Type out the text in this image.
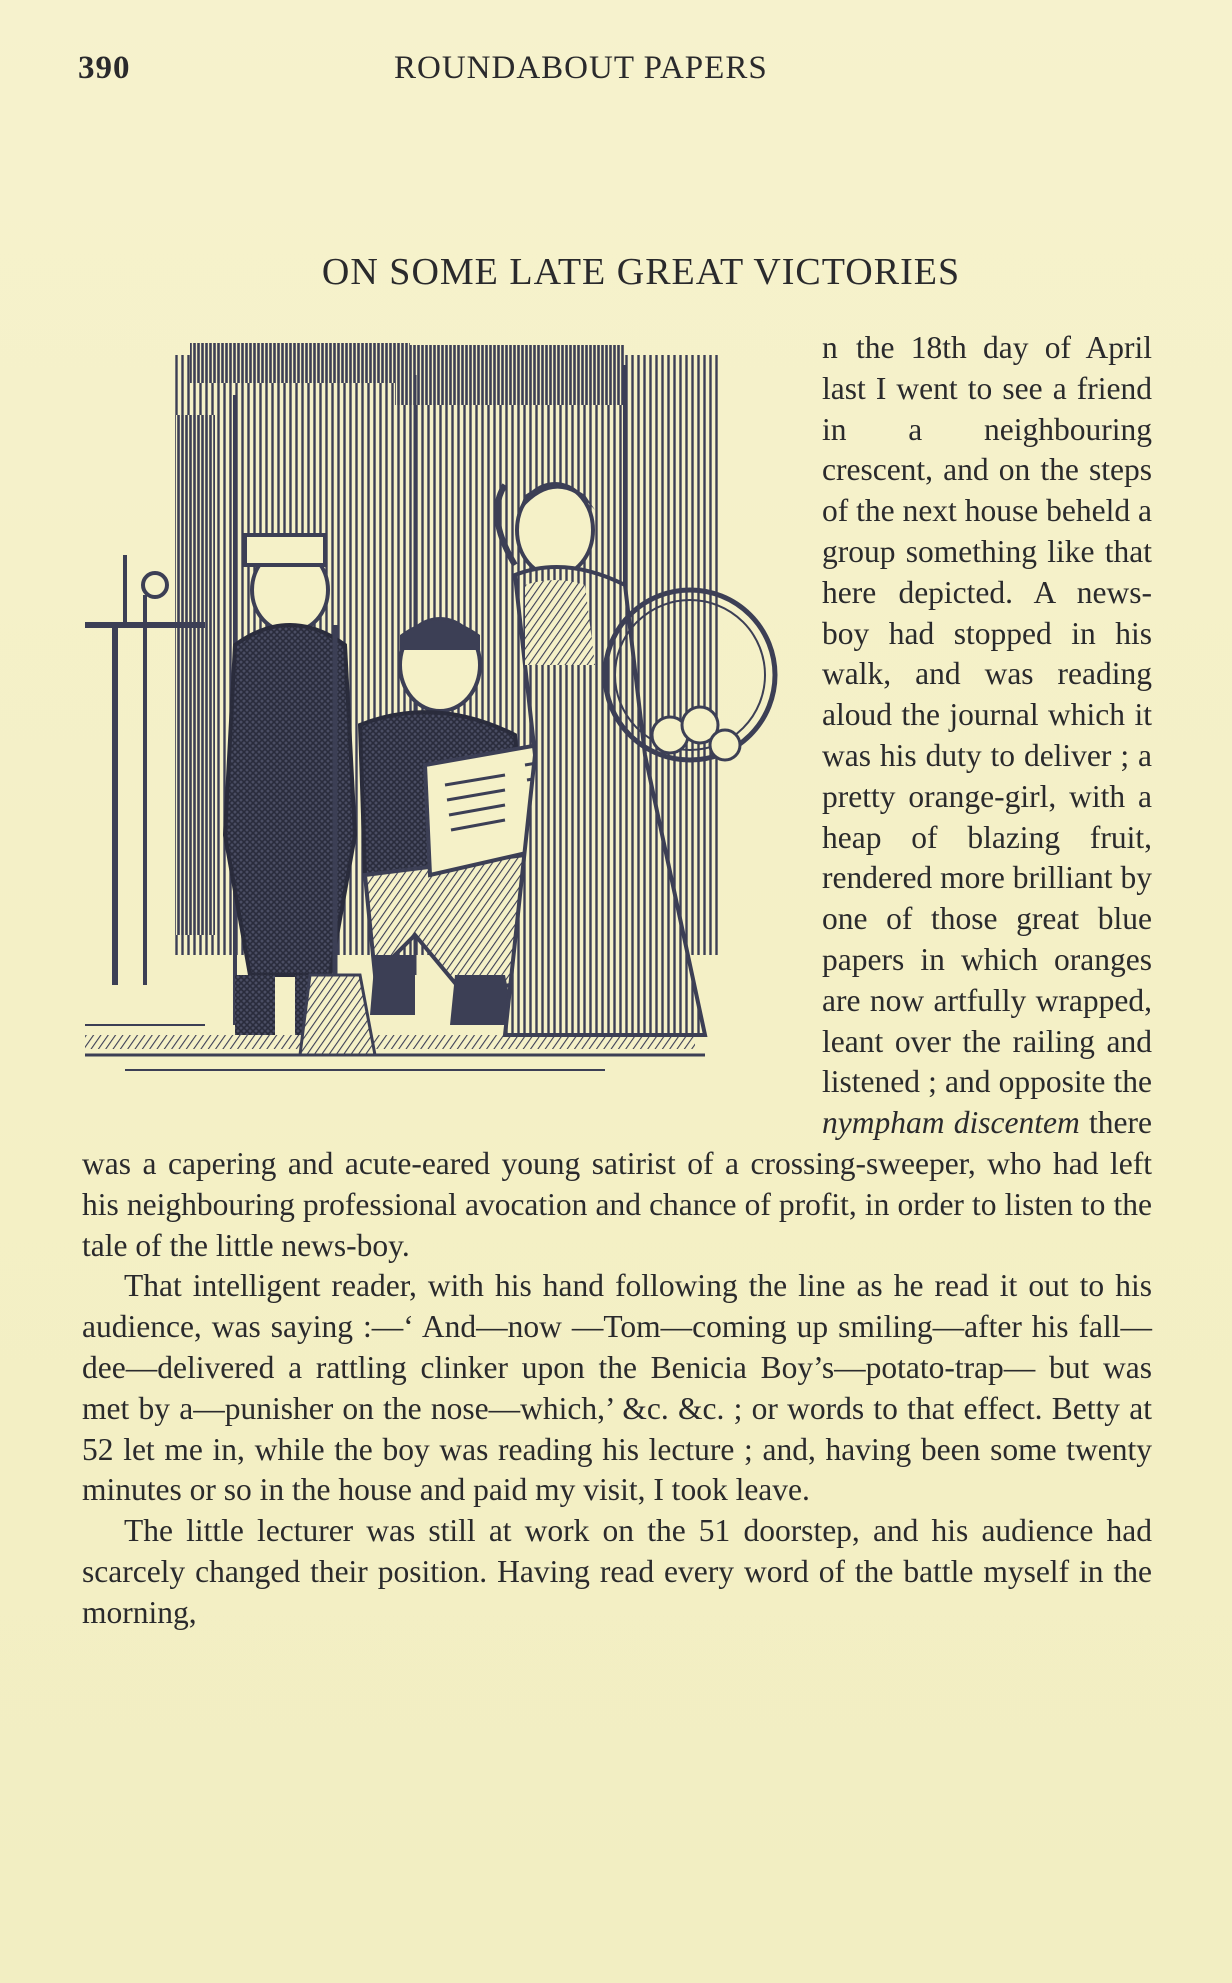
390	ROUNDABOUT PAPERS
ON SOME LATE GREAT VICTORIES

n the 18th day of April last I went to see a friend in a neighbouring crescent, and on the steps of the next house beheld a group something like that here depicted. A news-boy had stopped in his walk, and was reading aloud the journal which it was his duty to deliver ; a pretty orange-girl, with a heap of blazing fruit, rendered more brilliant by one of those great blue papers in which oranges are now artfully wrapped, leant over the railing and listened ; and opposite the nympham discentem there was a capering and acute-eared young satirist of a crossing-sweeper, who had left his neighbouring professional avocation and chance of profit, in order to listen to the tale of the little news-boy.

That intelligent reader, with his hand following the line as he read it out to his audience, was saying :—‘ And—now —Tom—coming up smiling—after his fall—dee—delivered a rattling clinker upon the Benicia Boy’s—potato-trap— but was met by a—punisher on the nose—which,’ &c. &c. ; or words to that effect. Betty at 52 let me in, while the boy was reading his lecture ; and, having been some twenty minutes or so in the house and paid my visit, I took leave.

The little lecturer was still at work on the 51 doorstep, and his audience had scarcely changed their position. Having read every word of the battle myself in the morning,
